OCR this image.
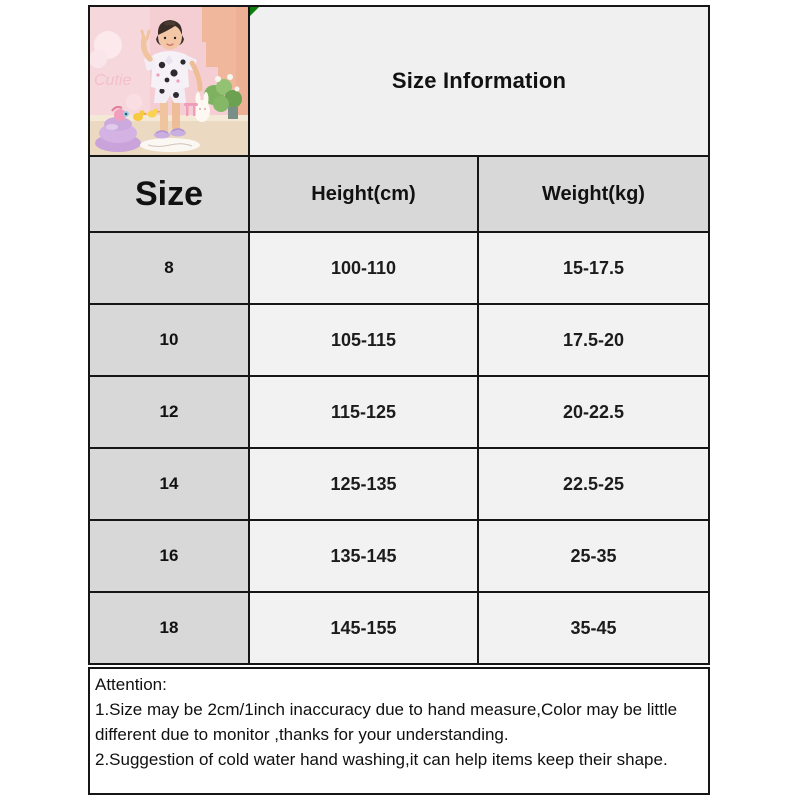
Cutie	Size Information
Size	Height(cm)	Weight(kg)
8	100-110	15-17.5
10	105-115	17.5-20
12	115-125	20-22.5
14	125-135	22.5-25
16	135-145	25-35
18	145-155	35-45
Attention:
1.Size may be 2cm/1inch inaccuracy due to hand measure,Color may be little different due to monitor ,thanks for your understanding.
2.Suggestion of cold water hand washing,it can help items keep their shape.
